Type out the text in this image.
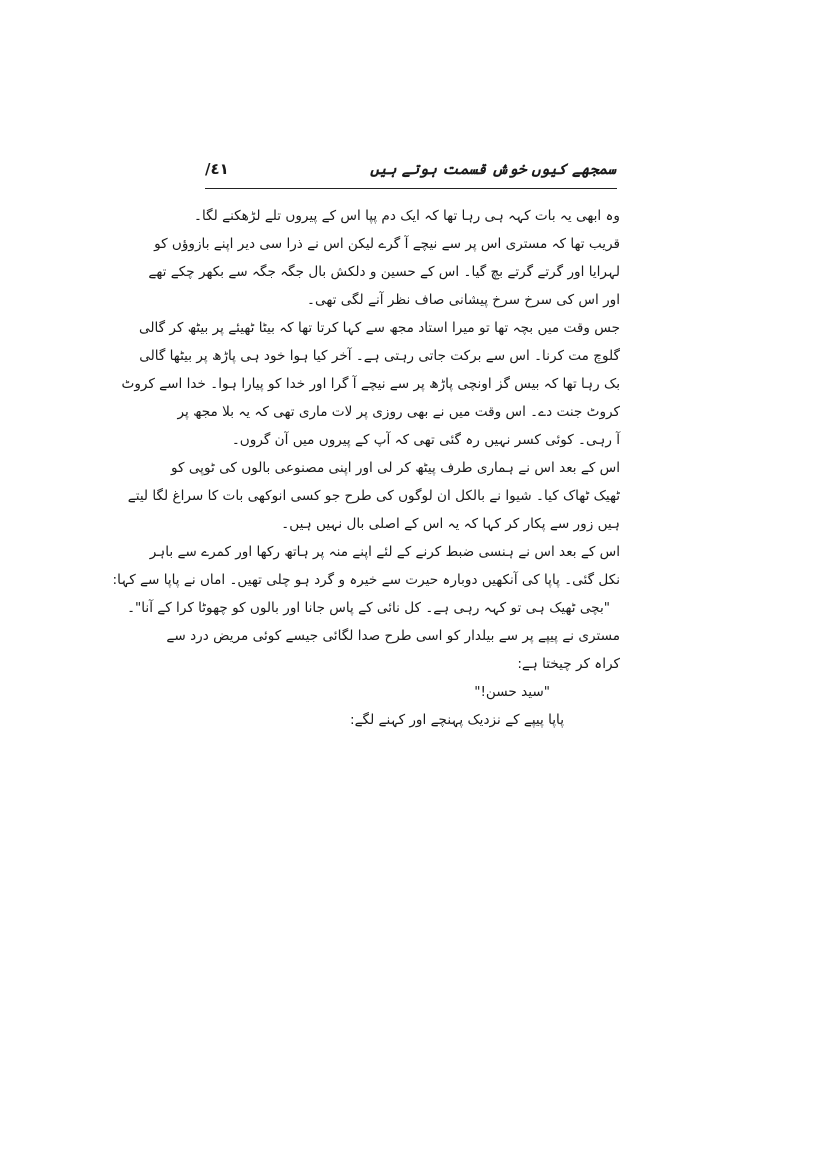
سمجھے کیوں خوش قسمت ہوتے ہیں
/٤١
وہ ابھی یہ بات کہہ ہی رہا تھا کہ ایک دم پپا اس کے پیروں تلے لڑھکنے لگا۔
قریب تھا کہ مستری اس پر سے نیچے آ گرے لیکن اس نے ذرا سی دیر اپنے بازوؤں کو
لہرایا اور گرتے گرتے بچ گیا۔ اس کے حسین و دلکش بال جگہ جگہ سے بکھر چکے تھے
اور اس کی سرخ سرخ پیشانی صاف نظر آنے لگی تھی۔
جس وقت میں بچہ تھا تو میرا استاد مجھ سے کہا کرتا تھا کہ بیٹا ٹھیئے پر بیٹھ کر گالی
گلوچ مت کرنا۔ اس سے برکت جاتی رہتی ہے۔ آخر کیا ہوا خود ہی پاڑھ پر بیٹھا گالی
بک رہا تھا کہ بیس گز اونچی پاڑھ پر سے نیچے آ گرا اور خدا کو پیارا ہوا۔ خدا اسے کروٹ
کروٹ جنت دے۔ اس وقت میں نے بھی روزی پر لات ماری تھی کہ یہ بلا مجھ پر
آ رہی۔ کوئی کسر نہیں رہ گئی تھی کہ آپ کے پیروں میں آن گروں۔
اس کے بعد اس نے ہماری طرف پیٹھ کر لی اور اپنی مصنوعی بالوں کی ٹوپی کو
ٹھیک ٹھاک کیا۔ شیوا نے بالکل ان لوگوں کی طرح جو کسی انوکھی بات کا سراغ لگا لیتے
ہیں زور سے پکار کر کہا کہ یہ اس کے اصلی بال نہیں ہیں۔
اس کے بعد اس نے ہنسی ضبط کرنے کے لئے اپنے منہ پر ہاتھ رکھا اور کمرے سے باہر
نکل گئی۔ پاپا کی آنکھیں دوبارہ حیرت سے خیرہ و گرد ہو چلی تھیں۔ اماں نے پاپا سے کہا:
"بچی ٹھیک ہی تو کہہ رہی ہے۔ کل نائی کے پاس جانا اور بالوں کو چھوٹا کرا کے آنا"۔
مستری نے پیپے پر سے بیلدار کو اسی طرح صدا لگائی جیسے کوئی مریض درد سے
کراہ کر چیختا ہے:
"سید حسن!"
پاپا پیپے کے نزدیک پہنچے اور کہنے لگے:
